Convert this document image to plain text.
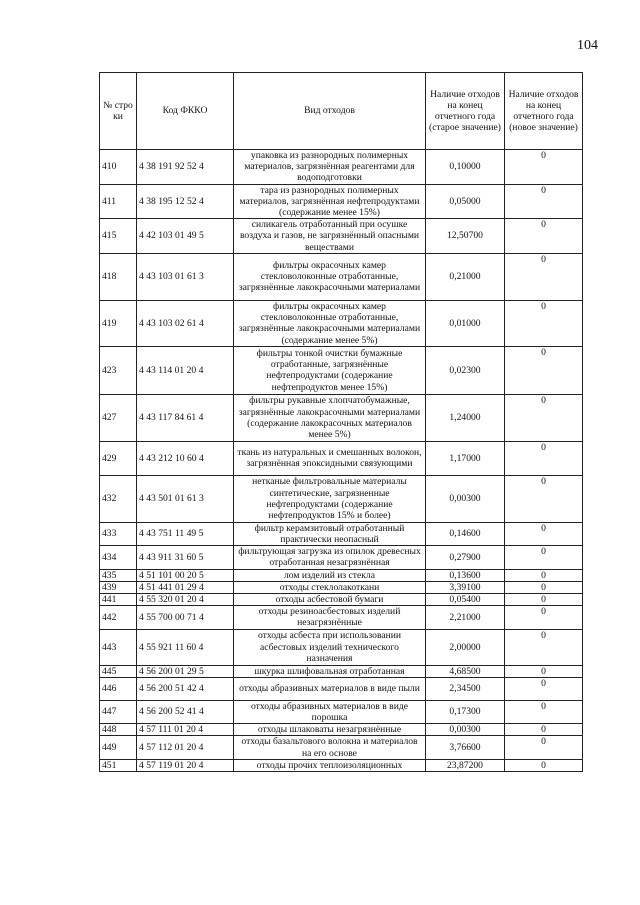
104
№ стро ки	Код ФККО	Вид отходов	Наличие отходов на конец отчетного года (старое значение)	Наличие отходов на конец отчетного года (новое значение)
410	4 38 191 92 52 4	упаковка из разнородных полимерных материалов, загрязнённая реагентами для водоподготовки	0,10000	0
411	4 38 195 12 52 4	тара из разнородных полимерных материалов, загрязнённая нефтепродуктами (содержание менее 15%)	0,05000	0
415	4 42 103 01 49 5	силикагель отработанный при осушке воздуха и газов, не загрязнённый опасными веществами	12,50700	0
418	4 43 103 01 61 3	фильтры окрасочных камер стекловолоконные отработанные, загрязнённые лакокрасочными материалами	0,21000	0
419	4 43 103 02 61 4	фильтры окрасочных камер стекловолоконные отработанные, загрязнённые лакокрасочными материалами (содержание менее 5%)	0,01000	0
423	4 43 114 01 20 4	фильтры тонкой очистки бумажные отработанные, загрязнённые нефтепродуктами (содержание нефтепродуктов менее 15%)	0,02300	0
427	4 43 117 84 61 4	фильтры рукавные хлопчатобумажные, загрязнённые лакокрасочными материалами (содержание лакокрасочных материалов менее 5%)	1,24000	0
429	4 43 212 10 60 4	ткань из натуральных и смешанных волокон, загрязнённая эпоксидными связующими	1,17000	0
432	4 43 501 01 61 3	нетканые фильтровальные материалы синтетические, загрязненные нефтепродуктами (содержание нефтепродуктов 15% и более)	0,00300	0
433	4 43 751 11 49 5	фильтр керамзитовый отработанный практически неопасный	0,14600	0
434	4 43 911 31 60 5	фильтрующая загрузка из опилок древесных отработанная незагрязнённая	0,27900	0
435	4 51 101 00 20 5	лом изделий из стекла	0,13600	0
439	4 51 441 01 29 4	отходы стеклолакоткани	3,39100	0
441	4 55 320 01 20 4	отходы асбестовой бумаги	0,05400	0
442	4 55 700 00 71 4	отходы резиноасбестовых изделий незагрязнённые	2,21000	0
443	4 55 921 11 60 4	отходы асбеста при использовании асбестовых изделий технического назначения	2,00000	0
445	4 56 200 01 29 5	шкурка шлифовальная отработанная	4,68500	0
446	4 56 200 51 42 4	отходы абразивных материалов в виде пыли	2,34500	0
447	4 56 200 52 41 4	отходы абразивных материалов в виде порошка	0,17300	0
448	4 57 111 01 20 4	отходы шлаковаты незагрязнённые	0,00300	0
449	4 57 112 01 20 4	отходы базальтового волокна и материалов на его основе	3,76600	0
451	4 57 119 01 20 4	отходы прочих теплоизоляционных	23,87200	0
